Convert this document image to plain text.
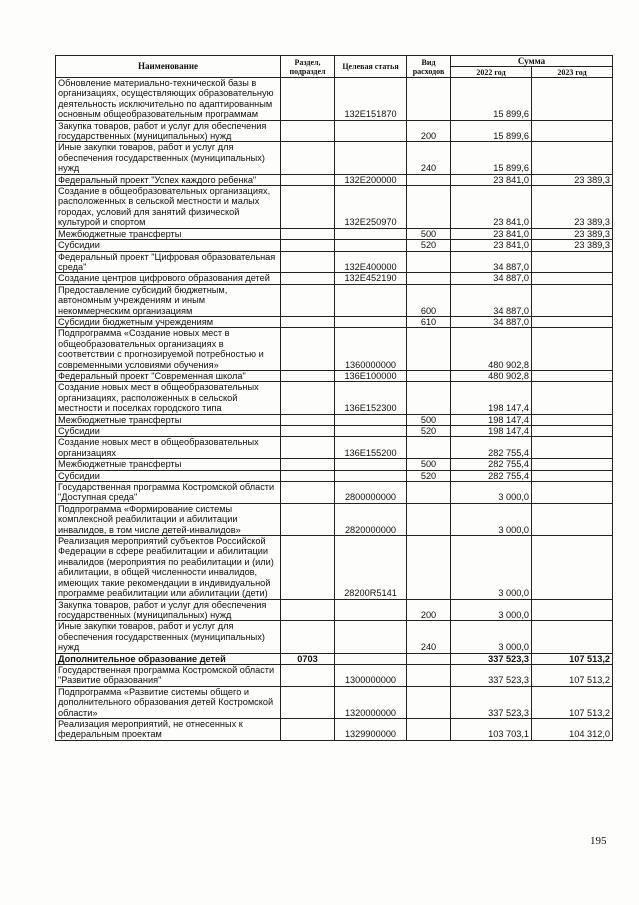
Наименование	Раздел, подраздел	Целевая статья	Вид расходов	Сумма	
				2022 год	2023 год
Обновление материально-технической базы в организациях, осуществляющих образовательную деятельность исключительно по адаптированным основным общеобразовательным программам		132E151870		15 899,6	
Закупка товаров, работ и услуг для обеспечения государственных (муниципальных) нужд			200	15 899,6	
Иные закупки товаров, работ и услуг для обеспечения государственных (муниципальных) нужд			240	15 899,6	
Федеральный проект "Успех каждого ребенка"		132E200000		23 841,0	23 389,3
Создание в общеобразовательных организациях, расположенных в сельской местности и малых городах, условий для занятий физической культурой и спортом		132E250970		23 841,0	23 389,3
Межбюджетные трансферты			500	23 841,0	23 389,3
Субсидии			520	23 841,0	23 389,3
Федеральный проект "Цифровая образовательная среда"		132E400000		34 887,0	
Создание центров цифрового образования детей		132E452190		34 887,0	
Предоставление субсидий бюджетным, автономным учреждениям и иным некоммерческим организациям			600	34 887,0	
Субсидии бюджетным учреждениям			610	34 887,0	
Подпрограмма «Создание новых мест в общеобразовательных организациях в соответствии с прогнозируемой потребностью и современными условиями обучения»		1360000000		480 902,8	
Федеральный проект "Современная школа"		136E100000		480 902,8	
Создание новых мест в общеобразовательных организациях, расположенных в сельской местности и поселках городского типа		136E152300		198 147,4	
Межбюджетные трансферты			500	198 147,4	
Субсидии			520	198 147,4	
Создание новых мест в общеобразовательных организациях		136E155200		282 755,4	
Межбюджетные трансферты			500	282 755,4	
Субсидии			520	282 755,4	
Государственная программа Костромской области "Доступная среда"		2800000000		3 000,0	
Подпрограмма «Формирование системы комплексной реабилитации и абилитации инвалидов, в том числе детей-инвалидов»		2820000000		3 000,0	
Реализация мероприятий субъектов Российской Федерации в сфере реабилитации и абилитации инвалидов (мероприятия по реабилитации и (или) абилитации, в общей численности инвалидов, имеющих такие рекомендации в индивидуальной программе реабилитации или абилитации (дети)		28200R5141		3 000,0	
Закупка товаров, работ и услуг для обеспечения государственных (муниципальных) нужд			200	3 000,0	
Иные закупки товаров, работ и услуг для обеспечения государственных (муниципальных) нужд			240	3 000,0	
Дополнительное образование детей	0703			337 523,3	107 513,2
Государственная программа Костромской области "Развитие образования"		1300000000		337 523,3	107 513,2
Подпрограмма «Развитие системы общего и дополнительного образования детей Костромской области»		1320000000		337 523,3	107 513,2
Реализация мероприятий, не отнесенных к федеральным проектам		1329900000		103 703,1	104 312,0
195
